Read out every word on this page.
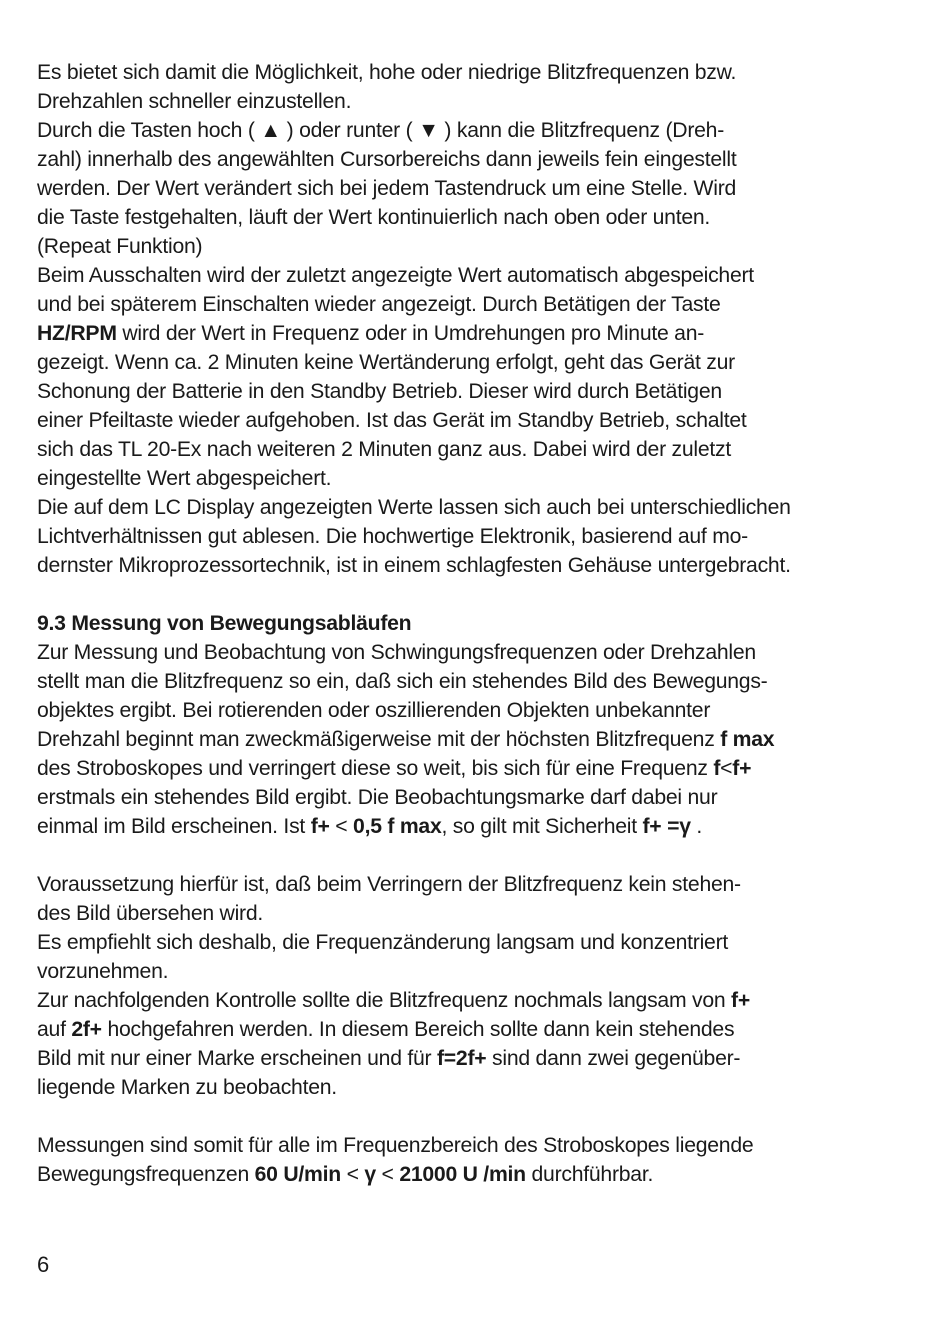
Es bietet sich damit die Möglichkeit, hohe oder niedrige Blitzfrequenzen bzw.
Drehzahlen schneller einzustellen.
Durch die Tasten hoch ( ▲ ) oder runter ( ▼ ) kann die Blitzfrequenz (Dreh-
zahl) innerhalb des angewählten Cursorbereichs dann jeweils fein eingestellt
werden. Der Wert verändert sich bei jedem Tastendruck um eine Stelle. Wird
die Taste festgehalten, läuft der Wert kontinuierlich nach oben oder unten.
(Repeat Funktion)
Beim Ausschalten wird der zuletzt angezeigte Wert automatisch abgespeichert
und bei späterem Einschalten wieder angezeigt. Durch Betätigen der Taste
HZ/RPM wird der Wert in Frequenz oder in Umdrehungen pro Minute an-
gezeigt. Wenn ca. 2 Minuten keine Wertänderung erfolgt, geht das Gerät zur
Schonung der Batterie in den Standby Betrieb. Dieser wird durch Betätigen
einer Pfeiltaste wieder aufgehoben. Ist das Gerät im Standby Betrieb, schaltet
sich das TL 20-Ex nach weiteren 2 Minuten ganz aus. Dabei wird der zuletzt
eingestellte Wert abgespeichert.
Die auf dem LC Display angezeigten Werte lassen sich auch bei unterschiedlichen
Lichtverhältnissen gut ablesen. Die hochwertige Elektronik, basierend auf mo-
dernster Mikroprozessortechnik, ist in einem schlagfesten Gehäuse untergebracht.
9.3 Messung von Bewegungsabläufen
Zur Messung und Beobachtung von Schwingungsfrequenzen oder Drehzahlen
stellt man die Blitzfrequenz so ein, daß sich ein stehendes Bild des Bewegungs-
objektes ergibt. Bei rotierenden oder oszillierenden Objekten unbekannter
Drehzahl beginnt man zweckmäßigerweise mit der höchsten Blitzfrequenz f max
des Stroboskopes und verringert diese so weit, bis sich für eine Frequenz f<f+
erstmals ein stehendes Bild ergibt. Die Beobachtungsmarke darf dabei nur
einmal im Bild erscheinen. Ist f+ < 0,5 f max, so gilt mit Sicherheit f+ =γ .
Voraussetzung hierfür ist, daß beim Verringern der Blitzfrequenz kein stehen-
des Bild übersehen wird.
Es empfiehlt sich deshalb, die Frequenzänderung langsam und konzentriert
vorzunehmen.
Zur nachfolgenden Kontrolle sollte die Blitzfrequenz nochmals langsam von f+
auf 2f+ hochgefahren werden. In diesem Bereich sollte dann kein stehendes
Bild mit nur einer Marke erscheinen und für f=2f+ sind dann zwei gegenüber-
liegende Marken zu beobachten.
Messungen sind somit für alle im Frequenzbereich des Stroboskopes liegende
Bewegungsfrequenzen 60 U/min < γ < 21000 U /min durchführbar.
6
